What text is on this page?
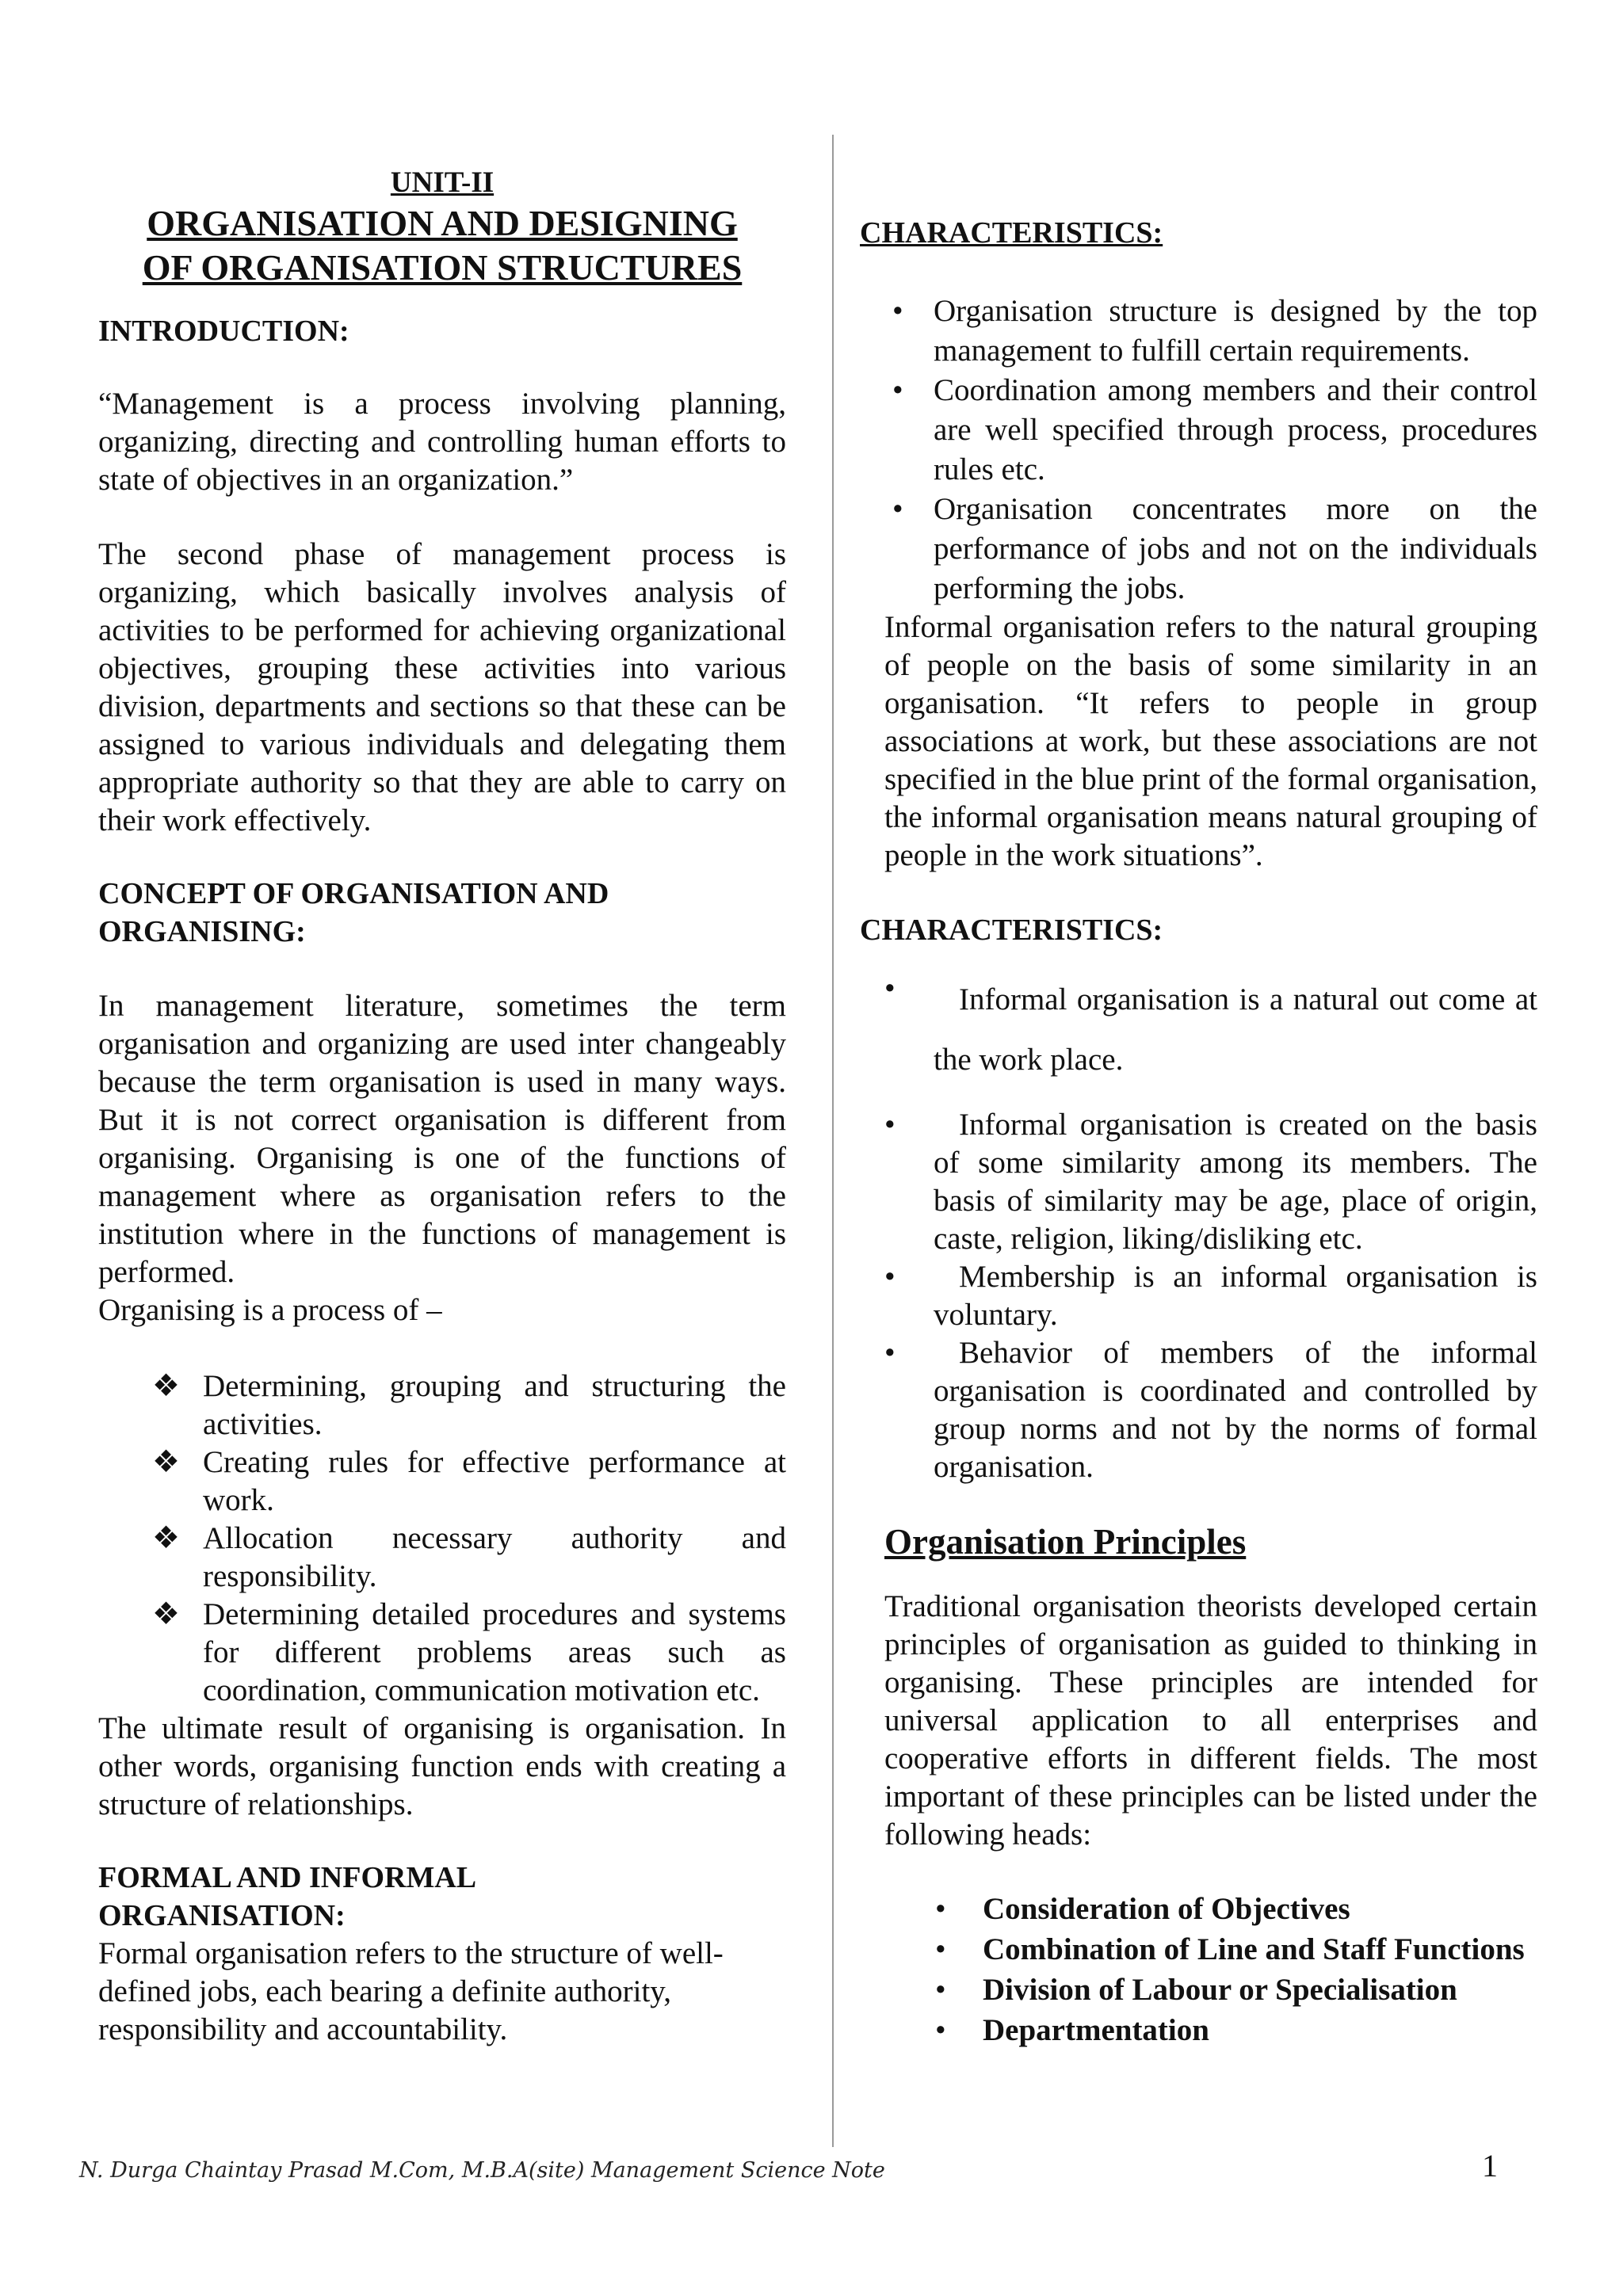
UNIT-II

ORGANISATION AND DESIGNING

OF ORGANISATION STRUCTURES

INTRODUCTION:

“Management is a process involving planning, organizing, directing and controlling human efforts to state of objectives in an organization.”

The second phase of management process is organizing, which basically involves analysis of activities to be performed for achieving organizational objectives, grouping these activities into various division, departments and sections so that these can be assigned to various individuals and delegating them appropriate authority so that they are able to carry on their work effectively.

CONCEPT OF ORGANISATION AND
ORGANISING:

In management literature, sometimes the term organisation and organizing are used inter changeably because the term organisation is used in many ways. But it is not correct organisation is different from organising. Organising is one of the functions of management where as organisation refers to the institution where in the functions of management is performed.

Organising is a process of –

❖ Determining, grouping and structuring the activities.
❖ Creating rules for effective performance at work.
❖ Allocation necessary authority and responsibility.
❖ Determining detailed procedures and systems for different problems areas such as coordination, communication motivation etc.

The ultimate result of organising is organisation. In other words, organising function ends with creating a structure of relationships.

FORMAL AND INFORMAL
ORGANISATION:

Formal organisation refers to the structure of well-defined jobs, each bearing a definite authority, responsibility and accountability.

CHARACTERISTICS:
• Organisation structure is designed by the top management to fulfill certain requirements.
• Coordination among members and their control are well specified through process, procedures rules etc.
• Organisation concentrates more on the performance of jobs and not on the individuals performing the jobs.

Informal organisation refers to the natural grouping of people on the basis of some similarity in an organisation. “It refers to people in group associations at work, but these associations are not specified in the blue print of the formal organisation, the informal organisation means natural grouping of people in the work situations”.

CHARACTERISTICS:
•	Informal organisation is a natural out come at the work place.
•	Informal organisation is created on the basis of some similarity among its members. The basis of similarity may be age, place of origin, caste, religion, liking/disliking etc.
•	Membership is an informal organisation is voluntary.
•	Behavior of members of the informal organisation is coordinated and controlled by group norms and not by the norms of formal organisation.
Organisation Principles

Traditional organisation theorists developed certain principles of organisation as guided to thinking in organising. These principles are intended for universal application to all enterprises and cooperative efforts in different fields. The most important of these principles can be listed under the following heads:

• Consideration of Objectives
• Combination of Line and Staff Functions
• Division of Labour or Specialisation
• Departmentation
N. Durga Chaintay Prasad M.Com, M.B.A(site) Management Science Note	1
